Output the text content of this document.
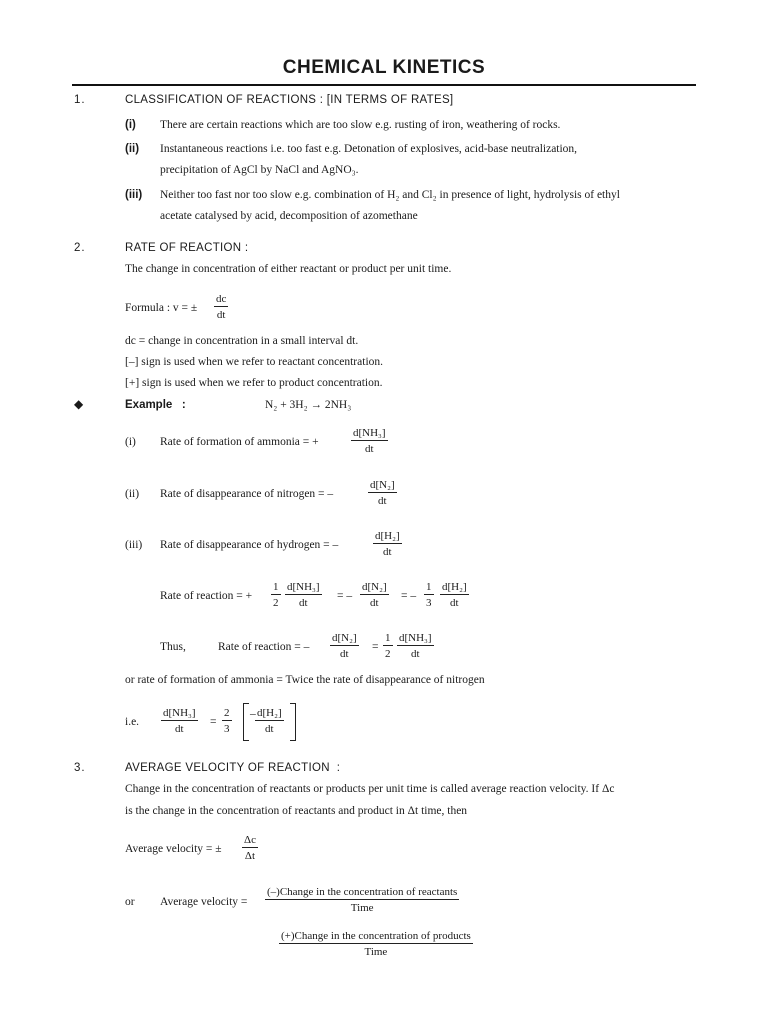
CHEMICAL KINETICS
1.	CLASSIFICATION OF REACTIONS : [IN TERMS OF RATES]
(i) There are certain reactions which are too slow e.g. rusting of iron, weathering of rocks.
(ii) Instantaneous reactions i.e. too fast e.g. Detonation of explosives, acid-base neutralization,
precipitation of AgCl by NaCl and AgNO₃.
(iii) Neither too fast nor too slow e.g. combination of H₂ and Cl₂ in presence of light, hydrolysis of ethyl
acetate catalysed by acid, decomposition of azomethane
2.	RATE OF REACTION :
The change in concentration of either reactant or product per unit time.
Formula : v = ± $\frac{dc}{dt}$
dc = change in concentration in a small interval dt.
[–] sign is used when we refer to reactant concentration.
[+] sign is used when we refer to product concentration.
◆	Example   :	N₂ + 3H₂ → 2NH₃
(i) Rate of formation of ammonia = +	$\frac{\text{d[NH₃]}}{dt}$
(ii) Rate of disappearance of nitrogen = –	$\frac{\text{d[N₂]}}{dt}$
(iii) Rate of disappearance of hydrogen = –	$\frac{\text{d[H₂]}}{dt}$
Rate of reaction = + $\frac{1}{2} \frac{\text{d[NH₃]}}{dt}$ = – $\frac{\text{d[N₂]}}{dt}$ = – $\frac{1}{3} \frac{\text{d[H₂]}}{dt}$
Thus,	Rate of reaction = – $\frac{\text{d[N₂]}}{dt} = \frac{1}{2} \frac{\text{d[NH₃]}}{dt}$
or rate of formation of ammonia = Twice the rate of disappearance of nitrogen
i.e. $\frac{\text{d[NH₃]}}{dt} = \frac{2}{3} - \frac{\text{d[H₂]}}{dt}$
3.	AVERAGE VELOCITY OF REACTION  :
Change in the concentration of reactants or products per unit time is called average reaction velocity. If Δc
is the change in the concentration of reactants and product in Δt time, then
Average velocity = ± $\frac{\Delta c}{\Delta t}$
or Average velocity =
(–)Change in the concentration of reactants
Time
(+)Change in the concentration of products
Time
